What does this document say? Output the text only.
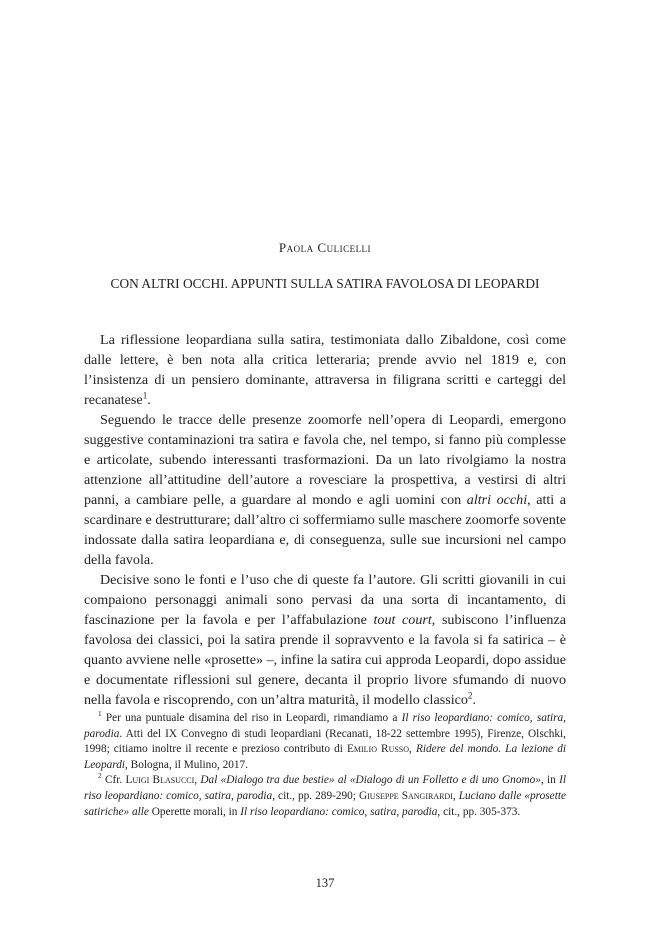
Paola Culicelli

CON ALTRI OCCHI. APPUNTI SULLA SATIRA FAVOLOSA DI LEOPARDI

La riflessione leopardiana sulla satira, testimoniata dallo Zibaldone, così come dalle lettere, è ben nota alla critica letteraria; prende avvio nel 1819 e, con l’insistenza di un pensiero dominante, attraversa in filigrana scritti e carteggi del recanatese$^1$.

Seguendo le tracce delle presenze zoomorfe nell’opera di Leopardi, emergono suggestive contaminazioni tra satira e favola che, nel tempo, si fanno più complesse e articolate, subendo interessanti trasformazioni. Da un lato rivolgiamo la nostra attenzione all’attitudine dell’autore a rovesciare la prospettiva, a vestirsi di altri panni, a cambiare pelle, a guardare al mondo e agli uomini con altri occhi, atti a scardinare e destrutturare; dall’altro ci soffermiamo sulle maschere zoomorfe sovente indossate dalla satira leopardiana e, di conseguenza, sulle sue incursioni nel campo della favola.

Decisive sono le fonti e l’uso che di queste fa l’autore. Gli scritti giovanili in cui compaiono personaggi animali sono pervasi da una sorta di incantamento, di fascinazione per la favola e per l’affabulazione tout court, subiscono l’influenza favolosa dei classici, poi la satira prende il sopravvento e la favola si fa satirica – è quanto avviene nelle «prosette» –, infine la satira cui approda Leopardi, dopo assidue e documentate riflessioni sul genere, decanta il proprio livore sfumando di nuovo nella favola e riscoprendo, con un’altra maturità, il modello classico$^2$.

$^1$ Per una puntuale disamina del riso in Leopardi, rimandiamo a Il riso leopardiano: comico, satira, parodia. Atti del IX Convegno di studi leopardiani (Recanati, 18-22 settembre 1995), Firenze, Olschki, 1998; citiamo inoltre il recente e prezioso contributo di Emilio Russo, Ridere del mondo. La lezione di Leopardi, Bologna, il Mulino, 2017.

$^2$ Cfr. Luigi Blasucci, Dal «Dialogo tra due bestie» al «Dialogo di un Folletto e di uno Gnomo», in Il riso leopardiano: comico, satira, parodia, cit., pp. 289-290; Giuseppe Sangirardi, Luciano dalle «prosette satiriche» alle Operette morali, in Il riso leopardiano: comico, satira, parodia, cit., pp. 305-373.

137
